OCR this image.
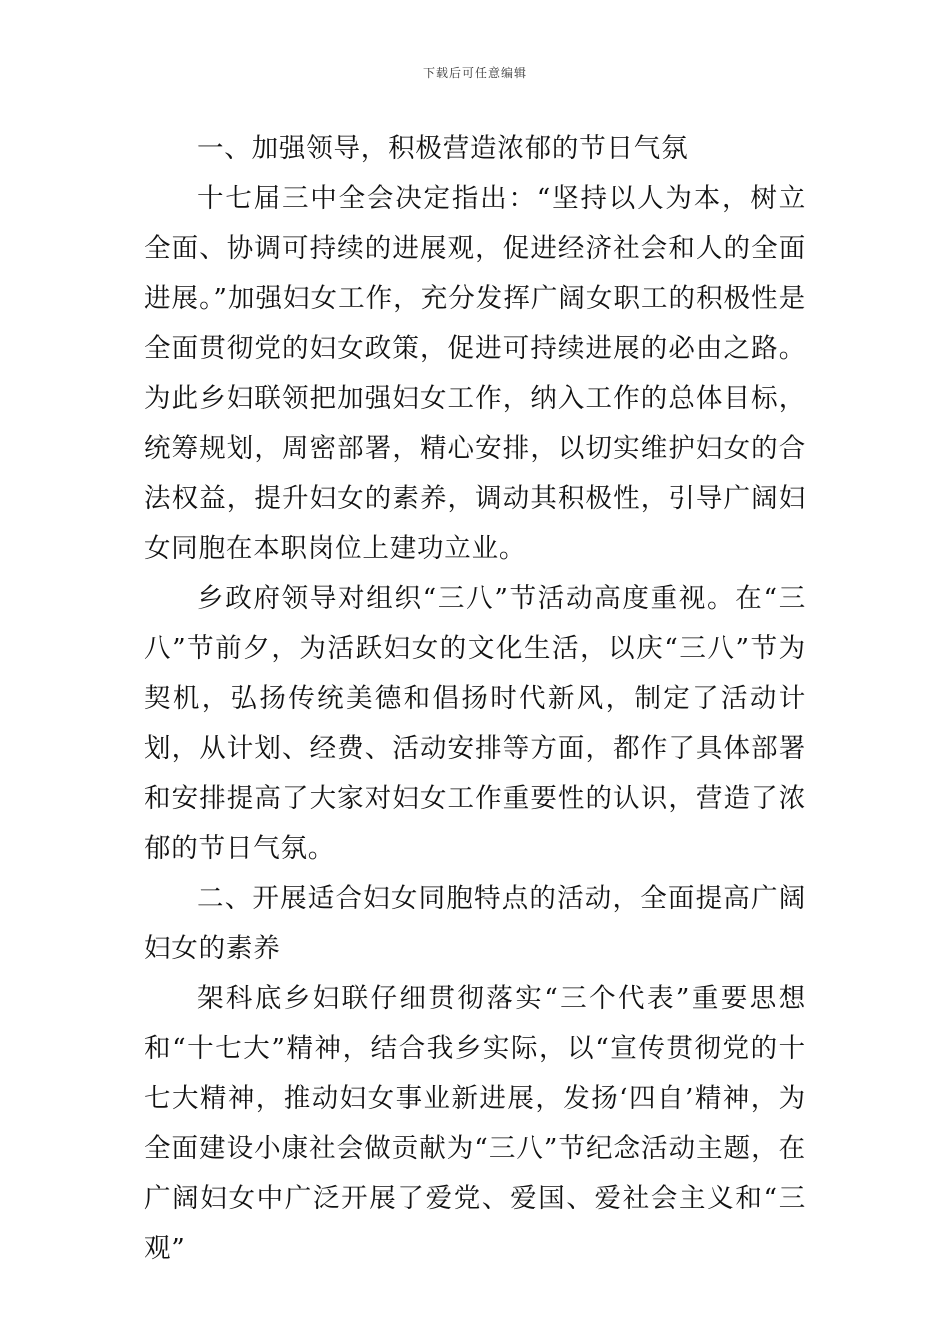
下载后可任意编辑

一、加强领导，积极营造浓郁的节日气氛

十七届三中全会决定指出：“坚持以人为本，树立全面、协调可持续的进展观，促进经济社会和人的全面进展。”加强妇女工作，充分发挥广阔女职工的积极性是全面贯彻党的妇女政策，促进可持续进展的必由之路。为此乡妇联领把加强妇女工作，纳入工作的总体目标，统筹规划，周密部署，精心安排，以切实维护妇女的合法权益，提升妇女的素养，调动其积极性，引导广阔妇女同胞在本职岗位上建功立业。

乡政府领导对组织“三八”节活动高度重视。在“三八”节前夕，为活跃妇女的文化生活，以庆“三八”节为契机，弘扬传统美德和倡扬时代新风，制定了活动计划，从计划、经费、活动安排等方面，都作了具体部署和安排提高了大家对妇女工作重要性的认识，营造了浓郁的节日气氛。

二、开展适合妇女同胞特点的活动，全面提高广阔妇女的素养

架科底乡妇联仔细贯彻落实“三个代表”重要思想和“十七大”精神，结合我乡实际，以“宣传贯彻党的十七大精神，推动妇女事业新进展，发扬‘四自’精神，为全面建设小康社会做贡献为“三八”节纪念活动主题，在广阔妇女中广泛开展了爱党、爱国、爱社会主义和“三观”
